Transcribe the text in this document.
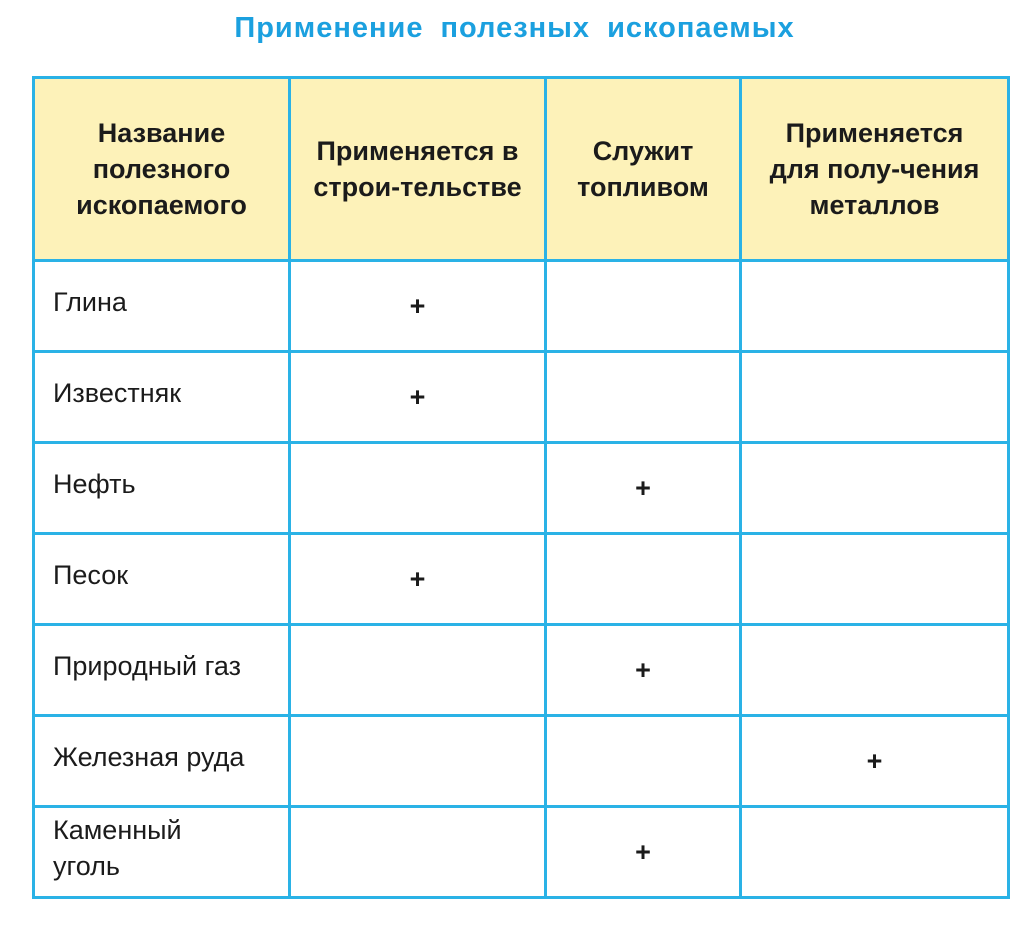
Применение полезных ископаемых
Название полезного ископаемого	Применяется в строи-тельстве	Служит топливом	Применяется для полу-чения металлов

Глина	+		

Известняк	+		

Нефть		+	

Песок	+		

Природный газ		+	

Железная руда			+

Каменный уголь		+	
